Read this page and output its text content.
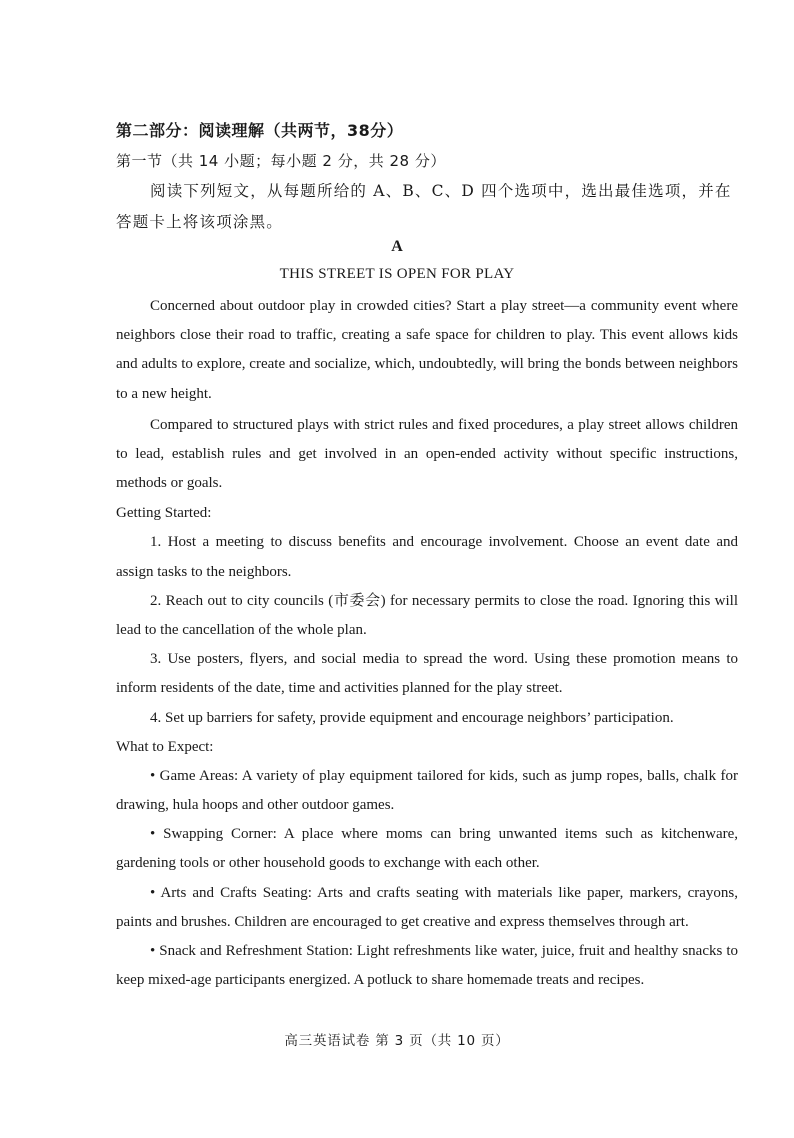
第二部分：阅读理解（共两节，38分）
第一节（共 14 小题；每小题 2 分，共 28 分）
阅读下列短文，从每题所给的 A、B、C、D 四个选项中，选出最佳选项，并在答题卡上将该项涂黑。
A
THIS STREET IS OPEN FOR PLAY
Concerned about outdoor play in crowded cities? Start a play street—a community event where neighbors close their road to traffic, creating a safe space for children to play. This event allows kids and adults to explore, create and socialize, which, undoubtedly, will bring the bonds between neighbors to a new height.
Compared to structured plays with strict rules and fixed procedures, a play street allows children to lead, establish rules and get involved in an open-ended activity without specific instructions, methods or goals.
Getting Started:
1. Host a meeting to discuss benefits and encourage involvement. Choose an event date and assign tasks to the neighbors.
2. Reach out to city councils (市委会) for necessary permits to close the road. Ignoring this will lead to the cancellation of the whole plan.
3. Use posters, flyers, and social media to spread the word. Using these promotion means to inform residents of the date, time and activities planned for the play street.
4. Set up barriers for safety, provide equipment and encourage neighbors’ participation.
What to Expect:
• Game Areas: A variety of play equipment tailored for kids, such as jump ropes, balls, chalk for drawing, hula hoops and other outdoor games.
• Swapping Corner: A place where moms can bring unwanted items such as kitchenware, gardening tools or other household goods to exchange with each other.
• Arts and Crafts Seating: Arts and crafts seating with materials like paper, markers, crayons, paints and brushes. Children are encouraged to get creative and express themselves through art.
• Snack and Refreshment Station: Light refreshments like water, juice, fruit and healthy snacks to keep mixed-age participants energized. A potluck to share homemade treats and recipes.
高三英语试卷 第 3 页（共 10 页）
